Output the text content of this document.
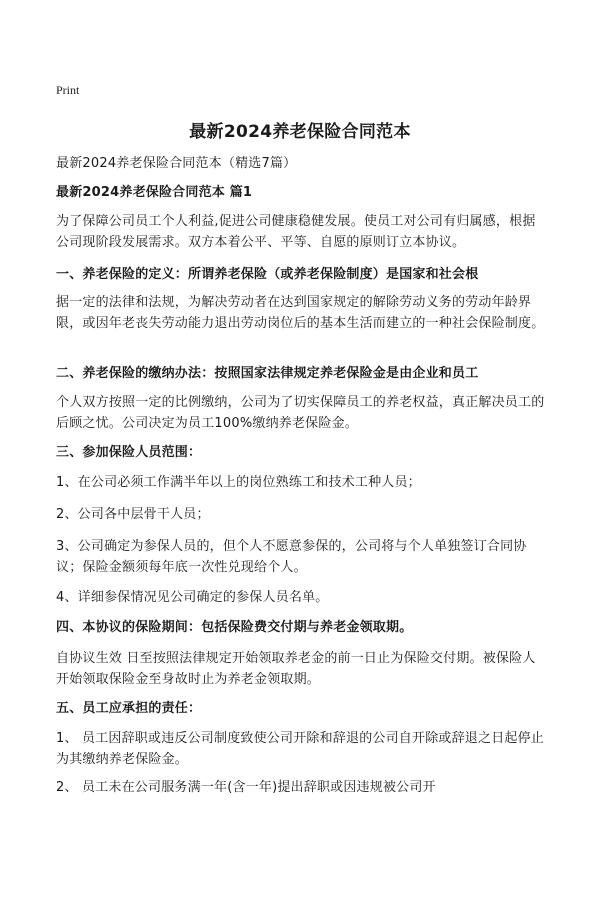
Print
最新2024养老保险合同范本
最新2024养老保险合同范本（精选7篇）
最新2024养老保险合同范本 篇1
为了保障公司员工个人利益,促进公司健康稳健发展。使员工对公司有归属感，根据公司现阶段发展需求。双方本着公平、平等、自愿的原则订立本协议。
一、养老保险的定义：所谓养老保险（或养老保险制度）是国家和社会根
据一定的法律和法规，为解决劳动者在达到国家规定的解除劳动义务的劳动年龄界限，或因年老丧失劳动能力退出劳动岗位后的基本生活而建立的一种社会保险制度。
二、养老保险的缴纳办法：按照国家法律规定养老保险金是由企业和员工
个人双方按照一定的比例缴纳，公司为了切实保障员工的养老权益，真正解决员工的后顾之忧。公司决定为员工100%缴纳养老保险金。
三、参加保险人员范围：
1、在公司必须工作满半年以上的岗位熟练工和技术工种人员；
2、公司各中层骨干人员；
3、公司确定为参保人员的，但个人不愿意参保的，公司将与个人单独签订合同协议；保险金额须每年底一次性兑现给个人。
4、详细参保情况见公司确定的参保人员名单。
四、本协议的保险期间：包括保险费交付期与养老金领取期。
自协议生效 日至按照法律规定开始领取养老金的前一日止为保险交付期。被保险人开始领取保险金至身故时止为养老金领取期。
五、员工应承担的责任：
1、 员工因辞职或违反公司制度致使公司开除和辞退的公司自开除或辞退之日起停止为其缴纳养老保险金。
2、 员工未在公司服务满一年(含一年)提出辞职或因违规被公司开
